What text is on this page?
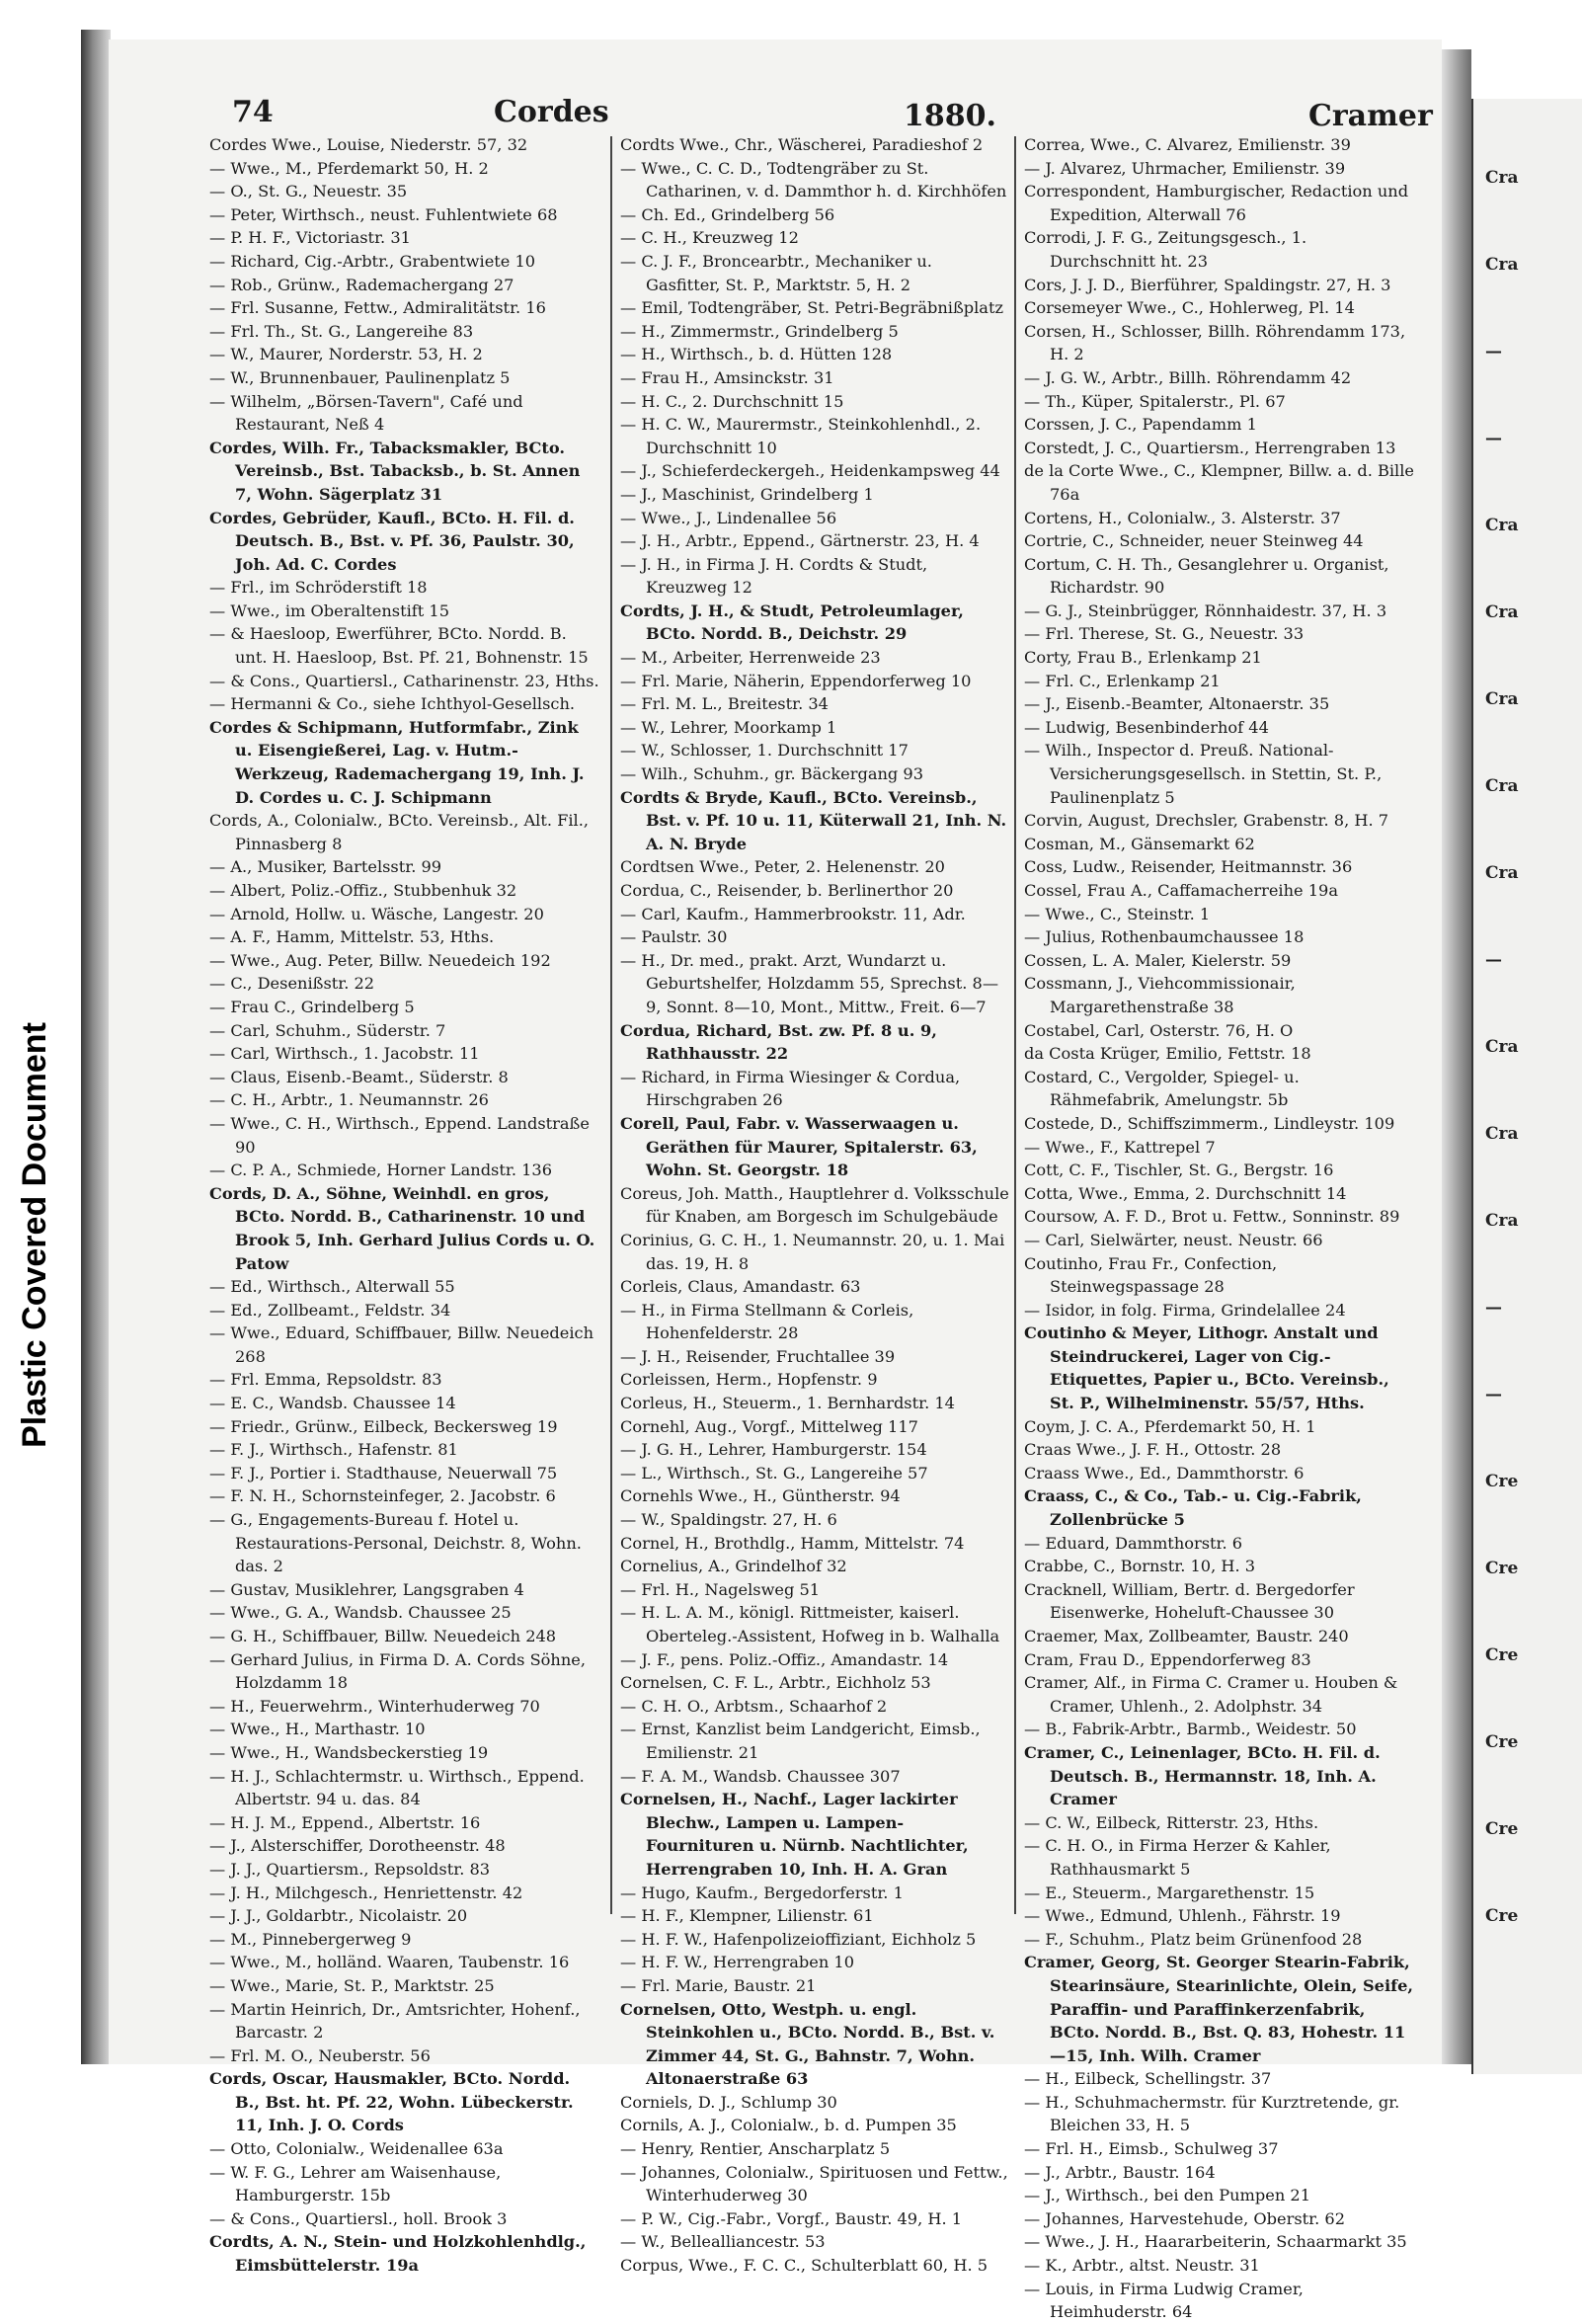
Plastic Covered Document
Cra
Cra
—
—
Cra
Cra
Cra
Cra
Cra
—
Cra
Cra
Cra
—
—
Cre
Cre
Cre
Cre
Cre
Cre
74	Cordes	1880.	Cramer

Cordes Wwe., Louise, Niederstr. 57, 32

— Wwe., M., Pferdemarkt 50, H. 2

— O., St. G., Neuestr. 35

— Peter, Wirthsch., neust. Fuhlentwiete 68

— P. H. F., Victoriastr. 31

— Richard, Cig.-Arbtr., Grabentwiete 10

— Rob., Grünw., Rademachergang 27

— Frl. Susanne, Fettw., Admiralitätstr. 16

— Frl. Th., St. G., Langereihe 83

— W., Maurer, Norderstr. 53, H. 2

— W., Brunnenbauer, Paulinenplatz 5

— Wilhelm, „Börsen-Tavern", Café und Restaurant, Neß 4

Cordes, Wilh. Fr., Tabacksmakler, BCto. Vereinsb., Bst. Tabacksb., b. St. Annen 7, Wohn. Sägerplatz 31

Cordes, Gebrüder, Kaufl., BCto. H. Fil. d. Deutsch. B., Bst. v. Pf. 36, Paulstr. 30, Joh. Ad. C. Cordes

— Frl., im Schröderstift 18

— Wwe., im Oberaltenstift 15

— & Haesloop, Ewerführer, BCto. Nordd. B. unt. H. Haesloop, Bst. Pf. 21, Bohnenstr. 15

— & Cons., Quartiersl., Catharinenstr. 23, Hths.

— Hermanni & Co., siehe Ichthyol-Gesellsch.

Cordes & Schipmann, Hutformfabr., Zink u. Eisengießerei, Lag. v. Hutm.-Werkzeug, Rademachergang 19, Inh. J. D. Cordes u. C. J. Schipmann

Cords, A., Colonialw., BCto. Vereinsb., Alt. Fil., Pinnasberg 8

— A., Musiker, Bartelsstr. 99

— Albert, Poliz.-Offiz., Stubbenhuk 32

— Arnold, Hollw. u. Wäsche, Langestr. 20

— A. F., Hamm, Mittelstr. 53, Hths.

— Wwe., Aug. Peter, Billw. Neuedeich 192

— C., Desenißstr. 22

— Frau C., Grindelberg 5

— Carl, Schuhm., Süderstr. 7

— Carl, Wirthsch., 1. Jacobstr. 11

— Claus, Eisenb.-Beamt., Süderstr. 8

— C. H., Arbtr., 1. Neumannstr. 26

— Wwe., C. H., Wirthsch., Eppend. Landstraße 90

— C. P. A., Schmiede, Horner Landstr. 136

Cords, D. A., Söhne, Weinhdl. en gros, BCto. Nordd. B., Catharinenstr. 10 und Brook 5, Inh. Gerhard Julius Cords u. O. Patow

— Ed., Wirthsch., Alterwall 55

— Ed., Zollbeamt., Feldstr. 34

— Wwe., Eduard, Schiffbauer, Billw. Neuedeich 268

— Frl. Emma, Repsoldstr. 83

— E. C., Wandsb. Chaussee 14

— Friedr., Grünw., Eilbeck, Beckersweg 19

— F. J., Wirthsch., Hafenstr. 81

— F. J., Portier i. Stadthause, Neuerwall 75

— F. N. H., Schornsteinfeger, 2. Jacobstr. 6

— G., Engagements-Bureau f. Hotel u. Restaurations-Personal, Deichstr. 8, Wohn. das. 2

— Gustav, Musiklehrer, Langsgraben 4

— Wwe., G. A., Wandsb. Chaussee 25

— G. H., Schiffbauer, Billw. Neuedeich 248

— Gerhard Julius, in Firma D. A. Cords Söhne, Holzdamm 18

— H., Feuerwehrm., Winterhuderweg 70

— Wwe., H., Marthastr. 10

— Wwe., H., Wandsbeckerstieg 19

— H. J., Schlachtermstr. u. Wirthsch., Eppend. Albertstr. 94 u. das. 84

— H. J. M., Eppend., Albertstr. 16

— J., Alsterschiffer, Dorotheenstr. 48

— J. J., Quartiersm., Repsoldstr. 83

— J. H., Milchgesch., Henriettenstr. 42

— J. J., Goldarbtr., Nicolaistr. 20

— M., Pinnebergerweg 9

— Wwe., M., holländ. Waaren, Taubenstr. 16

— Wwe., Marie, St. P., Marktstr. 25

— Martin Heinrich, Dr., Amtsrichter, Hohenf., Barcastr. 2

— Frl. M. O., Neuberstr. 56

Cords, Oscar, Hausmakler, BCto. Nordd. B., Bst. ht. Pf. 22, Wohn. Lübeckerstr. 11, Inh. J. O. Cords

— Otto, Colonialw., Weidenallee 63a

— W. F. G., Lehrer am Waisenhause, Hamburgerstr. 15b

— & Cons., Quartiersl., holl. Brook 3

Cordts, A. N., Stein- und Holzkohlenhdlg., Eimsbüttelerstr. 19a

Cordts Wwe., Chr., Wäscherei, Paradieshof 2

— Wwe., C. C. D., Todtengräber zu St. Catharinen, v. d. Dammthor h. d. Kirchhöfen

— Ch. Ed., Grindelberg 56

— C. H., Kreuzweg 12

— C. J. F., Broncearbtr., Mechaniker u. Gasfitter, St. P., Marktstr. 5, H. 2

— Emil, Todtengräber, St. Petri-Begräbnißplatz

— H., Zimmermstr., Grindelberg 5

— H., Wirthsch., b. d. Hütten 128

— Frau H., Amsinckstr. 31

— H. C., 2. Durchschnitt 15

— H. C. W., Maurermstr., Steinkohlenhdl., 2. Durchschnitt 10

— J., Schieferdeckergeh., Heidenkampsweg 44

— J., Maschinist, Grindelberg 1

— Wwe., J., Lindenallee 56

— J. H., Arbtr., Eppend., Gärtnerstr. 23, H. 4

— J. H., in Firma J. H. Cordts & Studt, Kreuzweg 12

Cordts, J. H., & Studt, Petroleumlager, BCto. Nordd. B., Deichstr. 29

— M., Arbeiter, Herrenweide 23

— Frl. Marie, Näherin, Eppendorferweg 10

— Frl. M. L., Breitestr. 34

— W., Lehrer, Moorkamp 1

— W., Schlosser, 1. Durchschnitt 17

— Wilh., Schuhm., gr. Bäckergang 93

Cordts & Bryde, Kaufl., BCto. Vereinsb., Bst. v. Pf. 10 u. 11, Küterwall 21, Inh. N. A. N. Bryde

Cordtsen Wwe., Peter, 2. Helenenstr. 20

Cordua, C., Reisender, b. Berlinerthor 20

— Carl, Kaufm., Hammerbrookstr. 11, Adr.

— Paulstr. 30

— H., Dr. med., prakt. Arzt, Wundarzt u. Geburtshelfer, Holzdamm 55, Sprechst. 8—9, Sonnt. 8—10, Mont., Mittw., Freit. 6—7

Cordua, Richard, Bst. zw. Pf. 8 u. 9, Rathhausstr. 22

— Richard, in Firma Wiesinger & Cordua, Hirschgraben 26

Corell, Paul, Fabr. v. Wasserwaagen u. Geräthen für Maurer, Spitalerstr. 63, Wohn. St. Georgstr. 18

Coreus, Joh. Matth., Hauptlehrer d. Volksschule für Knaben, am Borgesch im Schulgebäude

Corinius, G. C. H., 1. Neumannstr. 20, u. 1. Mai das. 19, H. 8

Corleis, Claus, Amandastr. 63

— H., in Firma Stellmann & Corleis, Hohenfelderstr. 28

— J. H., Reisender, Fruchtallee 39

Corleissen, Herm., Hopfenstr. 9

Corleus, H., Steuerm., 1. Bernhardstr. 14

Cornehl, Aug., Vorgf., Mittelweg 117

— J. G. H., Lehrer, Hamburgerstr. 154

— L., Wirthsch., St. G., Langereihe 57

Cornehls Wwe., H., Güntherstr. 94

— W., Spaldingstr. 27, H. 6

Cornel, H., Brothdlg., Hamm, Mittelstr. 74

Cornelius, A., Grindelhof 32

— Frl. H., Nagelsweg 51

— H. L. A. M., königl. Rittmeister, kaiserl. Oberteleg.-Assistent, Hofweg in b. Walhalla

— J. F., pens. Poliz.-Offiz., Amandastr. 14

Cornelsen, C. F. L., Arbtr., Eichholz 53

— C. H. O., Arbtsm., Schaarhof 2

— Ernst, Kanzlist beim Landgericht, Eimsb., Emilienstr. 21

— F. A. M., Wandsb. Chaussee 307

Cornelsen, H., Nachf., Lager lackirter Blechw., Lampen u. Lampen-Fournituren u. Nürnb. Nachtlichter, Herrengraben 10, Inh. H. A. Gran

— Hugo, Kaufm., Bergedorferstr. 1

— H. F., Klempner, Lilienstr. 61

— H. F. W., Hafenpolizeioffiziant, Eichholz 5

— H. F. W., Herrengraben 10

— Frl. Marie, Baustr. 21

Cornelsen, Otto, Westph. u. engl. Steinkohlen u., BCto. Nordd. B., Bst. v. Zimmer 44, St. G., Bahnstr. 7, Wohn. Altonaerstraße 63

Corniels, D. J., Schlump 30

Cornils, A. J., Colonialw., b. d. Pumpen 35

— Henry, Rentier, Anscharplatz 5

— Johannes, Colonialw., Spirituosen und Fettw., Winterhuderweg 30

— P. W., Cig.-Fabr., Vorgf., Baustr. 49, H. 1

— W., Bellealliancestr. 53

Corpus, Wwe., F. C. C., Schulterblatt 60, H. 5

Correa, Wwe., C. Alvarez, Emilienstr. 39

— J. Alvarez, Uhrmacher, Emilienstr. 39

Correspondent, Hamburgischer, Redaction und Expedition, Alterwall 76

Corrodi, J. F. G., Zeitungsgesch., 1. Durchschnitt ht. 23

Cors, J. J. D., Bierführer, Spaldingstr. 27, H. 3

Corsemeyer Wwe., C., Hohlerweg, Pl. 14

Corsen, H., Schlosser, Billh. Röhrendamm 173, H. 2

— J. G. W., Arbtr., Billh. Röhrendamm 42

— Th., Küper, Spitalerstr., Pl. 67

Corssen, J. C., Papendamm 1

Corstedt, J. C., Quartiersm., Herrengraben 13

de la Corte Wwe., C., Klempner, Billw. a. d. Bille 76a

Cortens, H., Colonialw., 3. Alsterstr. 37

Cortrie, C., Schneider, neuer Steinweg 44

Cortum, C. H. Th., Gesanglehrer u. Organist, Richardstr. 90

— G. J., Steinbrügger, Rönnhaidestr. 37, H. 3

— Frl. Therese, St. G., Neuestr. 33

Corty, Frau B., Erlenkamp 21

— Frl. C., Erlenkamp 21

— J., Eisenb.-Beamter, Altonaerstr. 35

— Ludwig, Besenbinderhof 44

— Wilh., Inspector d. Preuß. National-Versicherungsgesellsch. in Stettin, St. P., Paulinenplatz 5

Corvin, August, Drechsler, Grabenstr. 8, H. 7

Cosman, M., Gänsemarkt 62

Coss, Ludw., Reisender, Heitmannstr. 36

Cossel, Frau A., Caffamacherreihe 19a

— Wwe., C., Steinstr. 1

— Julius, Rothenbaumchaussee 18

Cossen, L. A. Maler, Kielerstr. 59

Cossmann, J., Viehcommissionair, Margarethenstraße 38

Costabel, Carl, Osterstr. 76, H. O

da Costa Krüger, Emilio, Fettstr. 18

Costard, C., Vergolder, Spiegel- u. Rähmefabrik, Amelungstr. 5b

Costede, D., Schiffszimmerm., Lindleystr. 109

— Wwe., F., Kattrepel 7

Cott, C. F., Tischler, St. G., Bergstr. 16

Cotta, Wwe., Emma, 2. Durchschnitt 14

Coursow, A. F. D., Brot u. Fettw., Sonninstr. 89

— Carl, Sielwärter, neust. Neustr. 66

Coutinho, Frau Fr., Confection, Steinwegspassage 28

— Isidor, in folg. Firma, Grindelallee 24

Coutinho & Meyer, Lithogr. Anstalt und Steindruckerei, Lager von Cig.-Etiquettes, Papier u., BCto. Vereinsb., St. P., Wilhelminenstr. 55/57, Hths.

Coym, J. C. A., Pferdemarkt 50, H. 1

Craas Wwe., J. F. H., Ottostr. 28

Craass Wwe., Ed., Dammthorstr. 6

Craass, C., & Co., Tab.- u. Cig.-Fabrik, Zollenbrücke 5

— Eduard, Dammthorstr. 6

Crabbe, C., Bornstr. 10, H. 3

Cracknell, William, Bertr. d. Bergedorfer Eisenwerke, Hoheluft-Chaussee 30

Craemer, Max, Zollbeamter, Baustr. 240

Cram, Frau D., Eppendorferweg 83

Cramer, Alf., in Firma C. Cramer u. Houben & Cramer, Uhlenh., 2. Adolphstr. 34

— B., Fabrik-Arbtr., Barmb., Weidestr. 50

Cramer, C., Leinenlager, BCto. H. Fil. d. Deutsch. B., Hermannstr. 18, Inh. A. Cramer

— C. W., Eilbeck, Ritterstr. 23, Hths.

— C. H. O., in Firma Herzer & Kahler, Rathhausmarkt 5

— E., Steuerm., Margarethenstr. 15

— Wwe., Edmund, Uhlenh., Fährstr. 19

— F., Schuhm., Platz beim Grünenfood 28

Cramer, Georg, St. Georger Stearin-Fabrik, Stearinsäure, Stearinlichte, Olein, Seife, Paraffin- und Paraffinkerzenfabrik, BCto. Nordd. B., Bst. Q. 83, Hohestr. 11—15, Inh. Wilh. Cramer

— H., Eilbeck, Schellingstr. 37

— H., Schuhmachermstr. für Kurztretende, gr. Bleichen 33, H. 5

— Frl. H., Eimsb., Schulweg 37

— J., Arbtr., Baustr. 164

— J., Wirthsch., bei den Pumpen 21

— Johannes, Harvestehude, Oberstr. 62

— Wwe., J. H., Haararbeiterin, Schaarmarkt 35

— K., Arbtr., altst. Neustr. 31

— Louis, in Firma Ludwig Cramer, Heimhuderstr. 64
